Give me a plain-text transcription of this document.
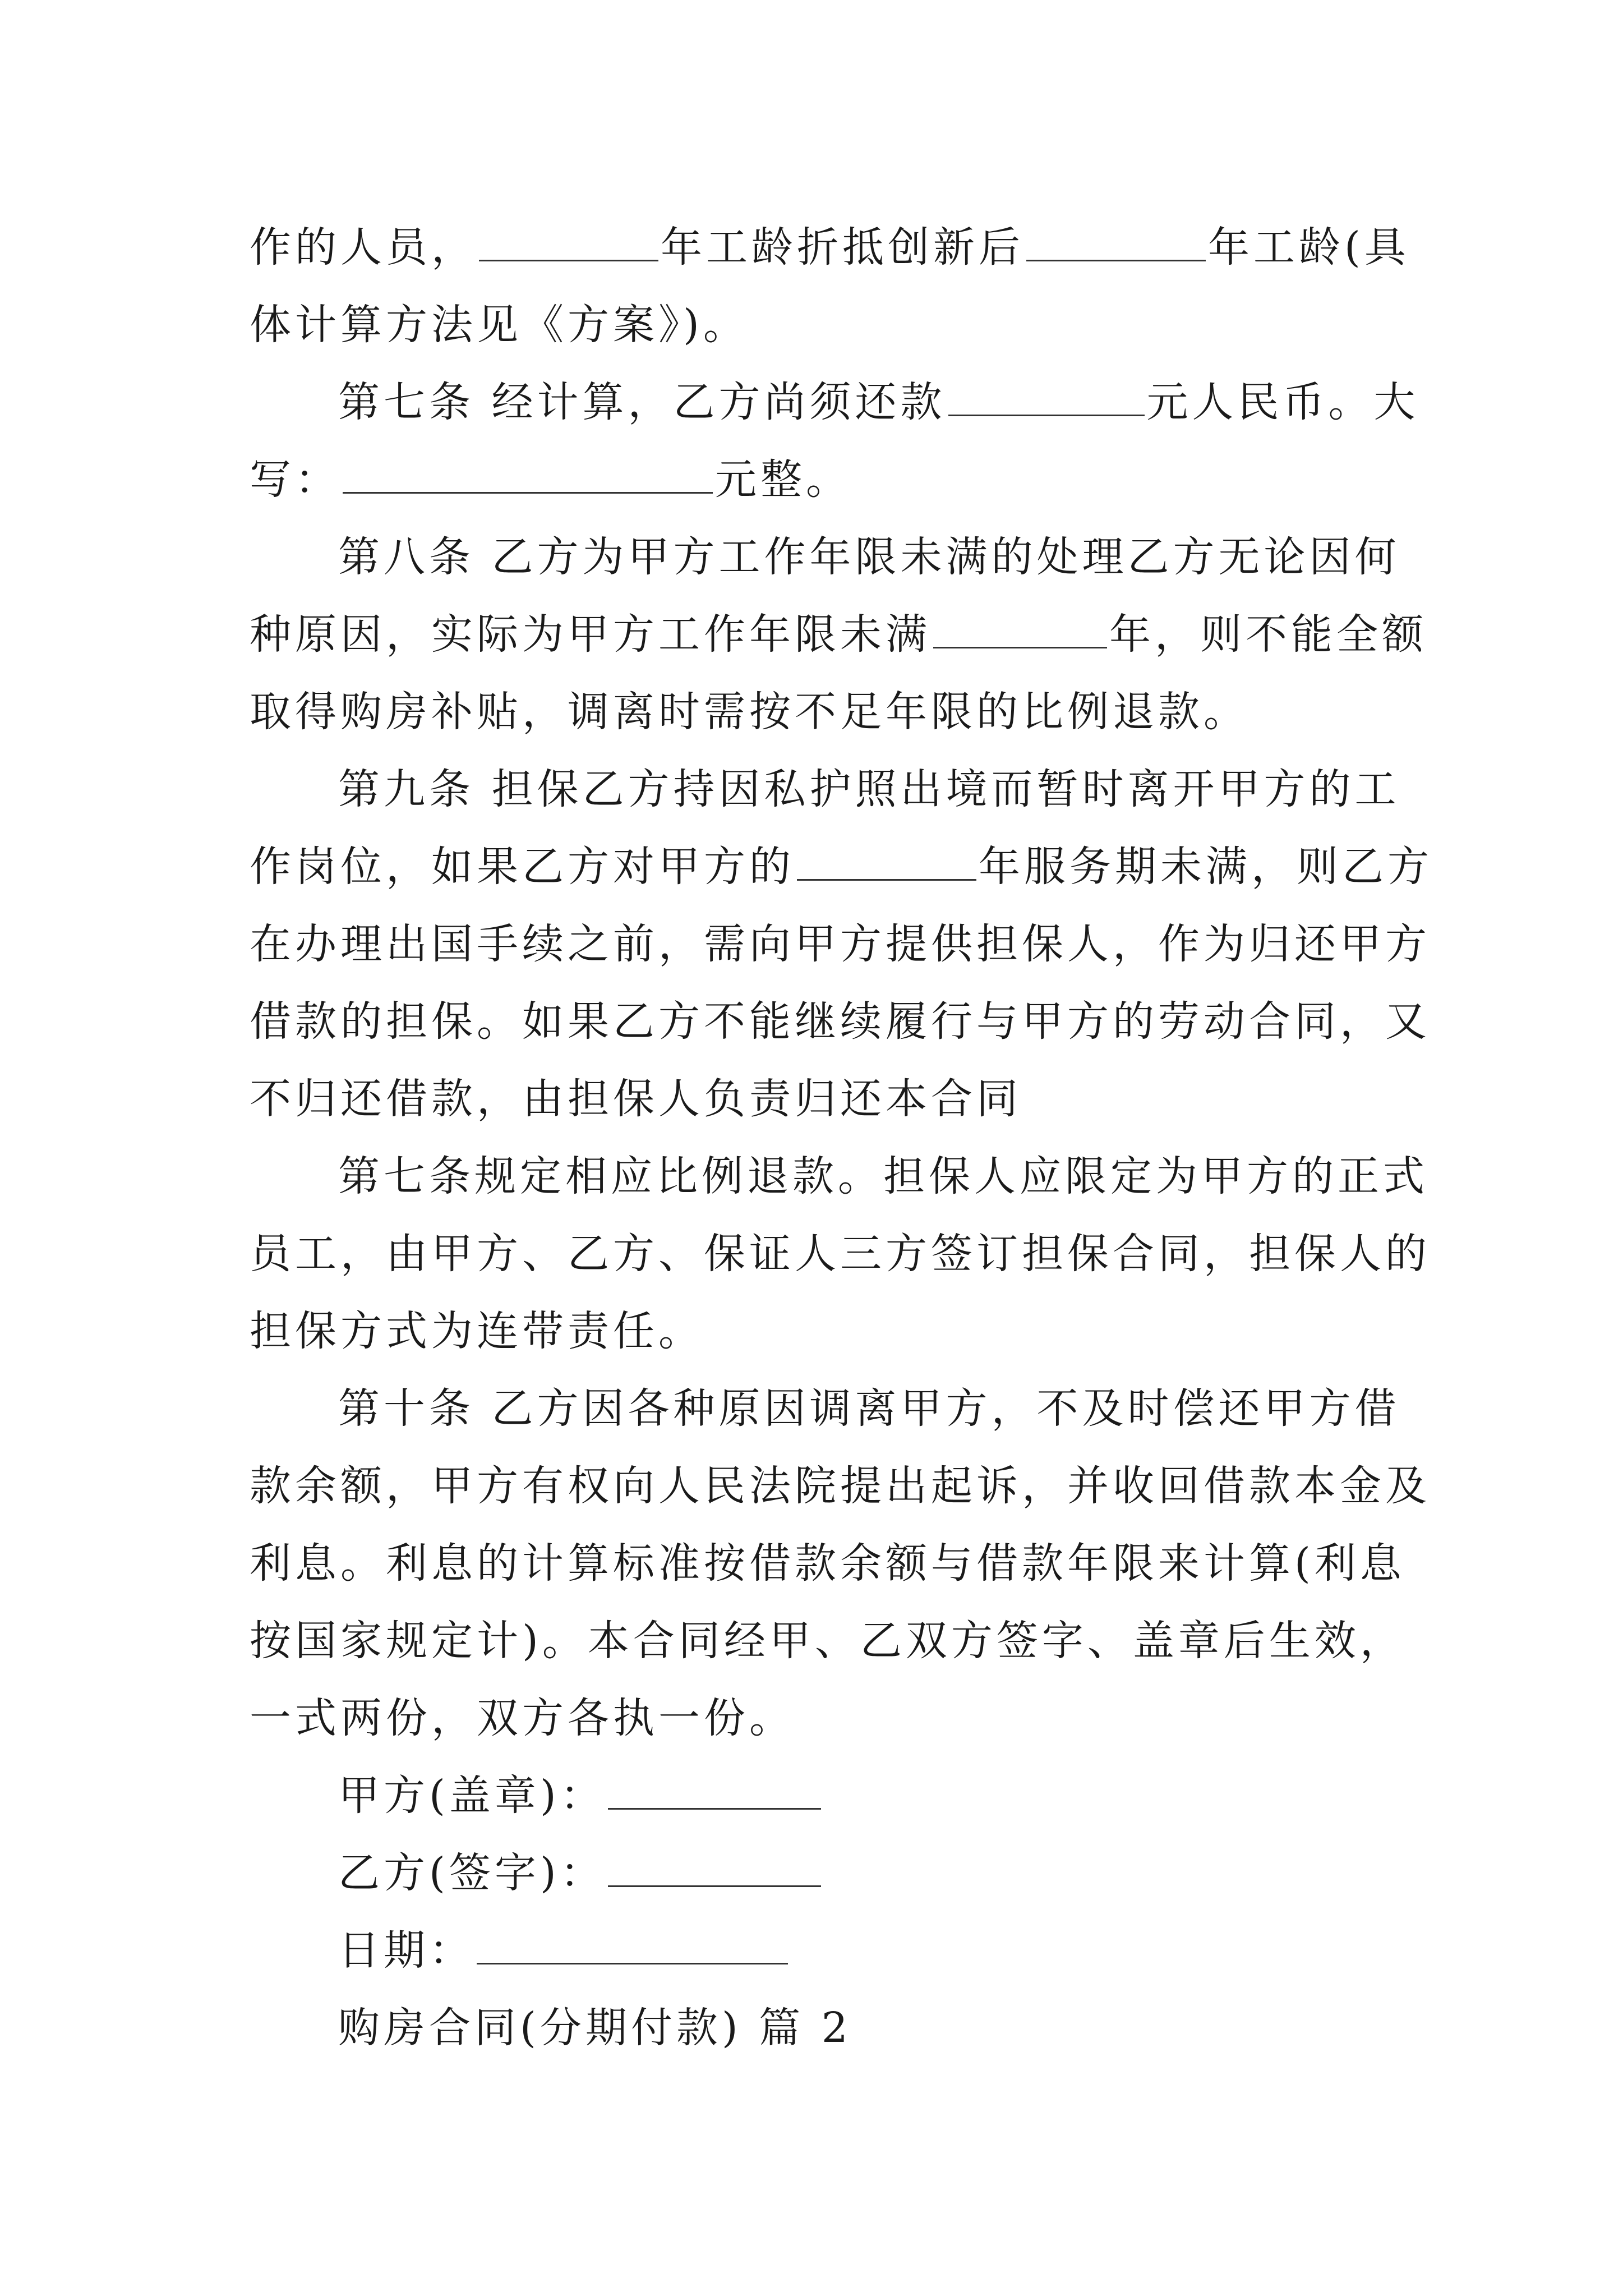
作的人员，	年工龄折抵创新后	年工龄(具
体计算方法见《方案》)。
第七条 经计算，乙方尚须还款	元人民币。大
写：	元整。
第八条 乙方为甲方工作年限未满的处理乙方无论因何
种原因，实际为甲方工作年限未满	年，则不能全额
取得购房补贴，调离时需按不足年限的比例退款。
第九条 担保乙方持因私护照出境而暂时离开甲方的工
作岗位，如果乙方对甲方的	年服务期未满，则乙方
在办理出国手续之前，需向甲方提供担保人，作为归还甲方
借款的担保。如果乙方不能继续履行与甲方的劳动合同，又
不归还借款，由担保人负责归还本合同
第七条规定相应比例退款。担保人应限定为甲方的正式
员工，由甲方、乙方、保证人三方签订担保合同，担保人的
担保方式为连带责任。
第十条 乙方因各种原因调离甲方，不及时偿还甲方借
款余额，甲方有权向人民法院提出起诉，并收回借款本金及
利息。利息的计算标准按借款余额与借款年限来计算(利息
按国家规定计)。本合同经甲、乙双方签字、盖章后生效，
一式两份，双方各执一份。
甲方(盖章)：
乙方(签字)：
日期：
购房合同(分期付款) 篇 2
